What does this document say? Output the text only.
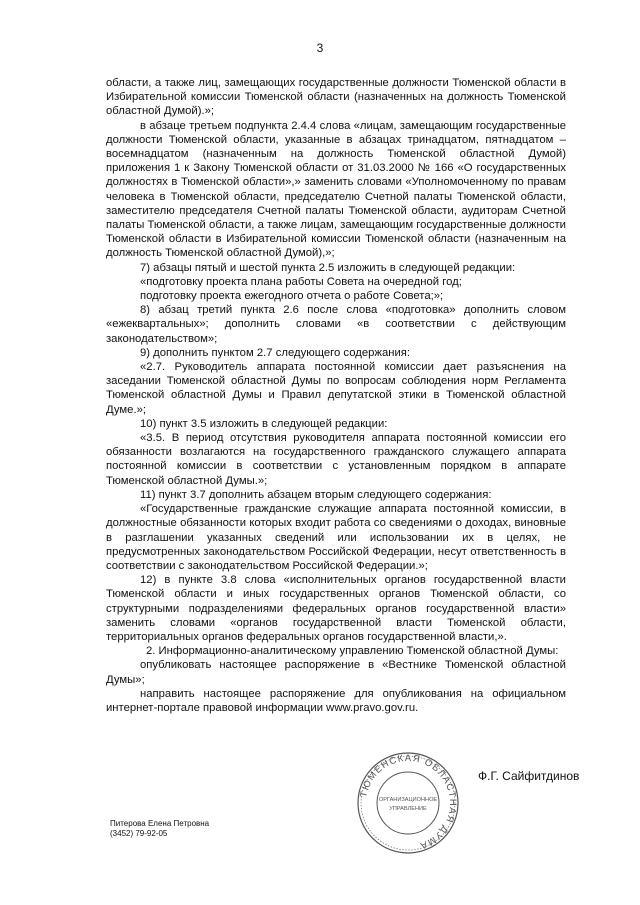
3

области, а также лиц, замещающих государственные должности Тюменской области в Избирательной комиссии Тюменской области (назначенных на должность Тюменской областной Думой).»;

в абзаце третьем подпункта 2.4.4 слова «лицам, замещающим государственные должности Тюменской области, указанные в абзацах тринадцатом, пятнадцатом – восемнадцатом (назначенным на должность Тюменской областной Думой) приложения 1 к Закону Тюменской области от 31.03.2000 № 166 «О государственных должностях в Тюменской области»,» заменить словами «Уполномоченному по правам человека в Тюменской области, председателю Счетной палаты Тюменской области, заместителю председателя Счетной палаты Тюменской области, аудиторам Счетной палаты Тюменской области, а также лицам, замещающим государственные должности Тюменской области в Избирательной комиссии Тюменской области (назначенным на должность Тюменской областной Думой),»;

7) абзацы пятый и шестой пункта 2.5 изложить в следующей редакции:

«подготовку проекта плана работы Совета на очередной год;

подготовку проекта ежегодного отчета о работе Совета;»;

8) абзац третий пункта 2.6 после слова «подготовка» дополнить словом «ежеквартальных»; дополнить словами «в соответствии с действующим законодательством»;

9) дополнить пунктом 2.7 следующего содержания:

«2.7. Руководитель аппарата постоянной комиссии дает разъяснения на заседании Тюменской областной Думы по вопросам соблюдения норм Регламента Тюменской областной Думы и Правил депутатской этики в Тюменской областной Думе.»;

10) пункт 3.5 изложить в следующей редакции:

«3.5. В период отсутствия руководителя аппарата постоянной комиссии его обязанности возлагаются на государственного гражданского служащего аппарата постоянной комиссии в соответствии с установленным порядком в аппарате Тюменской областной Думы.»;

11) пункт 3.7 дополнить абзацем вторым следующего содержания:

«Государственные гражданские служащие аппарата постоянной комиссии, в должностные обязанности которых входит работа со сведениями о доходах, виновные в разглашении указанных сведений или использовании их в целях, не предусмотренных законодательством Российской Федерации, несут ответственность в соответствии с законодательством Российской Федерации.»;

12) в пункте 3.8 слова «исполнительных органов государственной власти Тюменской области и иных государственных органов Тюменской области, со структурными подразделениями федеральных органов государственной власти» заменить словами «органов государственной власти Тюменской области, территориальных органов федеральных органов государственной власти,».

2. Информационно-аналитическому управлению Тюменской областной Думы:

опубликовать настоящее распоряжение в «Вестнике Тюменской областной Думы»;

направить настоящее распоряжение для опубликования на официальном интернет-портале правовой информации www.pravo.gov.ru.

ТЮМЕНСКАЯ ОБЛАСТНАЯ ДУМА
ОРГАНИЗАЦИОННОЕ
УПРАВЛЕНИЕ
Ф.Г. Сайфитдинов
Питерова Елена Петровна
(3452) 79-92-05
